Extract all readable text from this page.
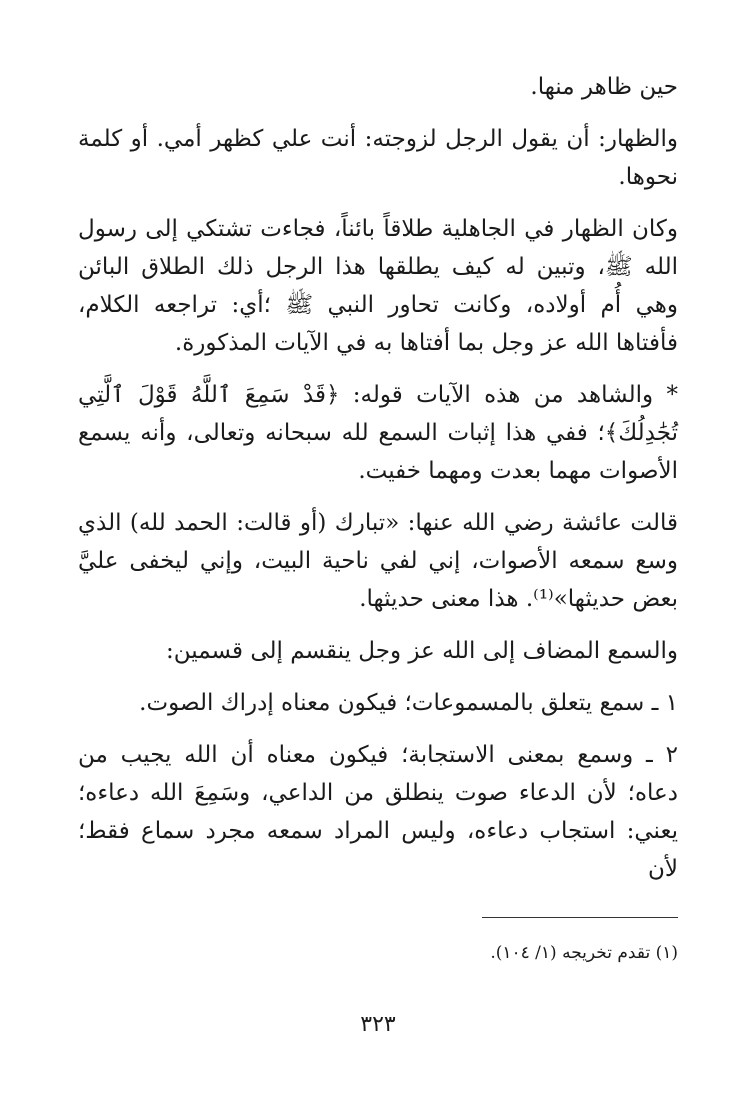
حين ظاهر منها.

والظهار: أن يقول الرجل لزوجته: أنت علي كظهر أمي. أو كلمة نحوها.

وكان الظهار في الجاهلية طلاقاً بائناً، فجاءت تشتكي إلى رسول الله ﷺ، وتبين له كيف يطلقها هذا الرجل ذلك الطلاق البائن وهي أُم أولاده، وكانت تحاور النبي ﷺ ؛أي: تراجعه الكلام، فأفتاها الله عز وجل بما أفتاها به في الآيات المذكورة.

* والشاهد من هذه الآيات قوله: ﴿قَدْ سَمِعَ ٱللَّهُ قَوْلَ ٱلَّتِي تُجَٰدِلُكَ﴾؛ ففي هذا إثبات السمع لله سبحانه وتعالى، وأنه يسمع الأصوات مهما بعدت ومهما خفيت.

قالت عائشة رضي الله عنها: «تبارك (أو قالت: الحمد لله) الذي وسع سمعه الأصوات، إني لفي ناحية البيت، وإني ليخفى عليَّ بعض حديثها»⁽¹⁾. هذا معنى حديثها.

والسمع المضاف إلى الله عز وجل ينقسم إلى قسمين:

١ ـ سمع يتعلق بالمسموعات؛ فيكون معناه إدراك الصوت.

٢ ـ وسمع بمعنى الاستجابة؛ فيكون معناه أن الله يجيب من دعاه؛ لأن الدعاء صوت ينطلق من الداعي، وسَمِعَ الله دعاءه؛ يعني: استجاب دعاءه، وليس المراد سمعه مجرد سماع فقط؛ لأن

(١) تقدم تخريجه (١/ ١٠٤).
٣٢٣
